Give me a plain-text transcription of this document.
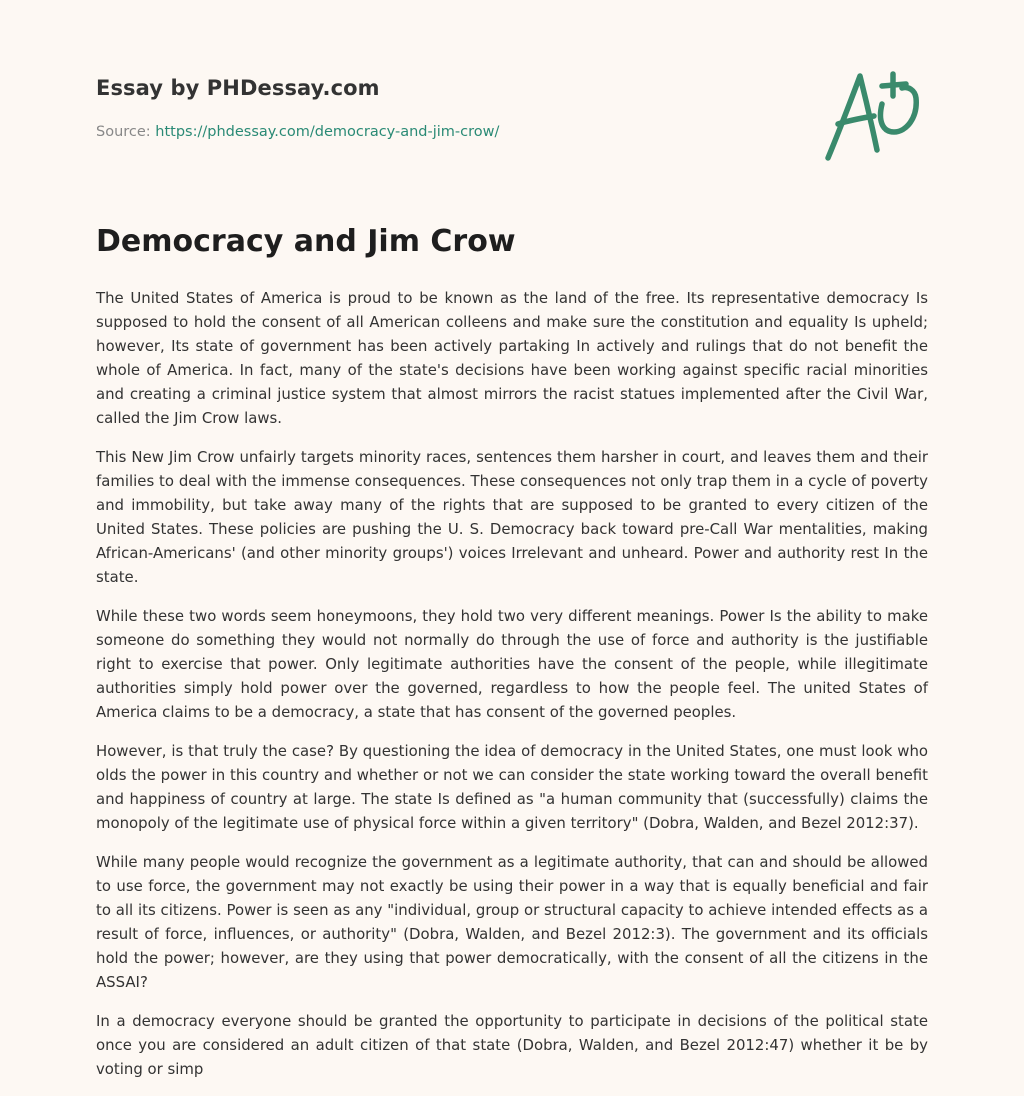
Essay by PHDessay.com
Source: https://phdessay.com/democracy-and-jim-crow/
Democracy and Jim Crow

The United States of America is proud to be known as the land of the free. Its representative democracy Is supposed to hold the consent of all American colleens and make sure the constitution and equality Is upheld; however, Its state of government has been actively partaking In actively and rulings that do not benefit the whole of America. In fact, many of the state's decisions have been working against specific racial minorities and creating a criminal justice system that almost mirrors the racist statues implemented after the Civil War, called the Jim Crow laws.

This New Jim Crow unfairly targets minority races, sentences them harsher in court, and leaves them and their families to deal with the immense consequences. These consequences not only trap them in a cycle of poverty and immobility, but take away many of the rights that are supposed to be granted to every citizen of the United States. These policies are pushing the U. S. Democracy back toward pre-Call War mentalities, making African-Americans' (and other minority groups') voices Irrelevant and unheard. Power and authority rest In the state.

While these two words seem honeymoons, they hold two very different meanings. Power Is the ability to make someone do something they would not normally do through the use of force and authority is the justifiable right to exercise that power. Only legitimate authorities have the consent of the people, while illegitimate authorities simply hold power over the governed, regardless to how the people feel. The united States of America claims to be a democracy, a state that has consent of the governed peoples.

However, is that truly the case? By questioning the idea of democracy in the United States, one must look who olds the power in this country and whether or not we can consider the state working toward the overall benefit and happiness of country at large. The state Is defined as "a human community that (successfully) claims the monopoly of the legitimate use of physical force within a given territory" (Dobra, Walden, and Bezel 2012:37).

While many people would recognize the government as a legitimate authority, that can and should be allowed to use force, the government may not exactly be using their power in a way that is equally beneficial and fair to all its citizens. Power is seen as any "individual, group or structural capacity to achieve intended effects as a result of force, influences, or authority" (Dobra, Walden, and Bezel 2012:3). The government and its officials hold the power; however, are they using that power democratically, with the consent of all the citizens in the ASSAI?

In a democracy everyone should be granted the opportunity to participate in decisions of the political state once you are considered an adult citizen of that state (Dobra, Walden, and Bezel 2012:47) whether it be by voting or simp
